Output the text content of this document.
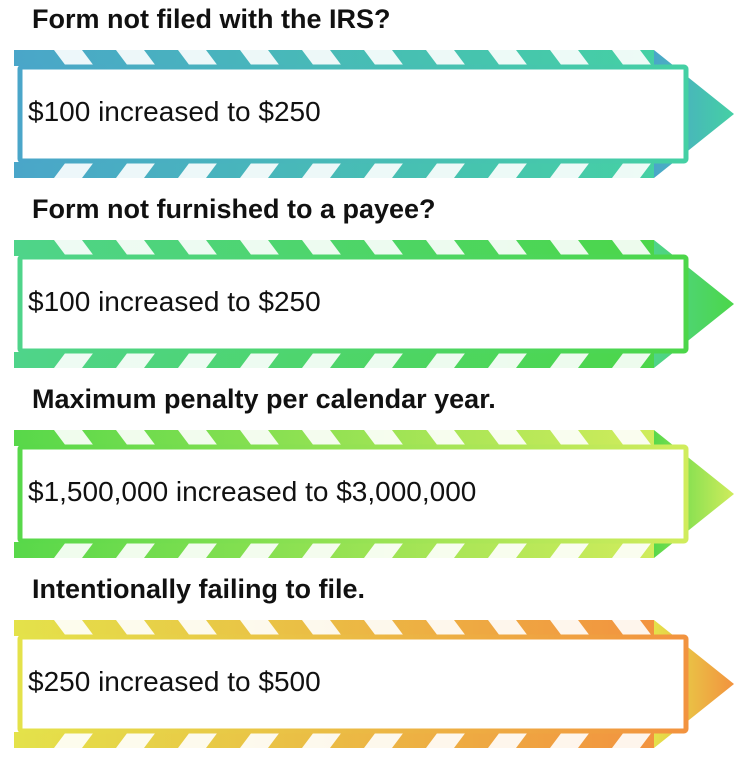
Form not filed with the IRS?
$100 increased to $250
Form not furnished to a payee?
$100 increased to $250
Maximum penalty per calendar year.
$1,500,000 increased to $3,000,000
Intentionally failing to file.
$250 increased to $500
